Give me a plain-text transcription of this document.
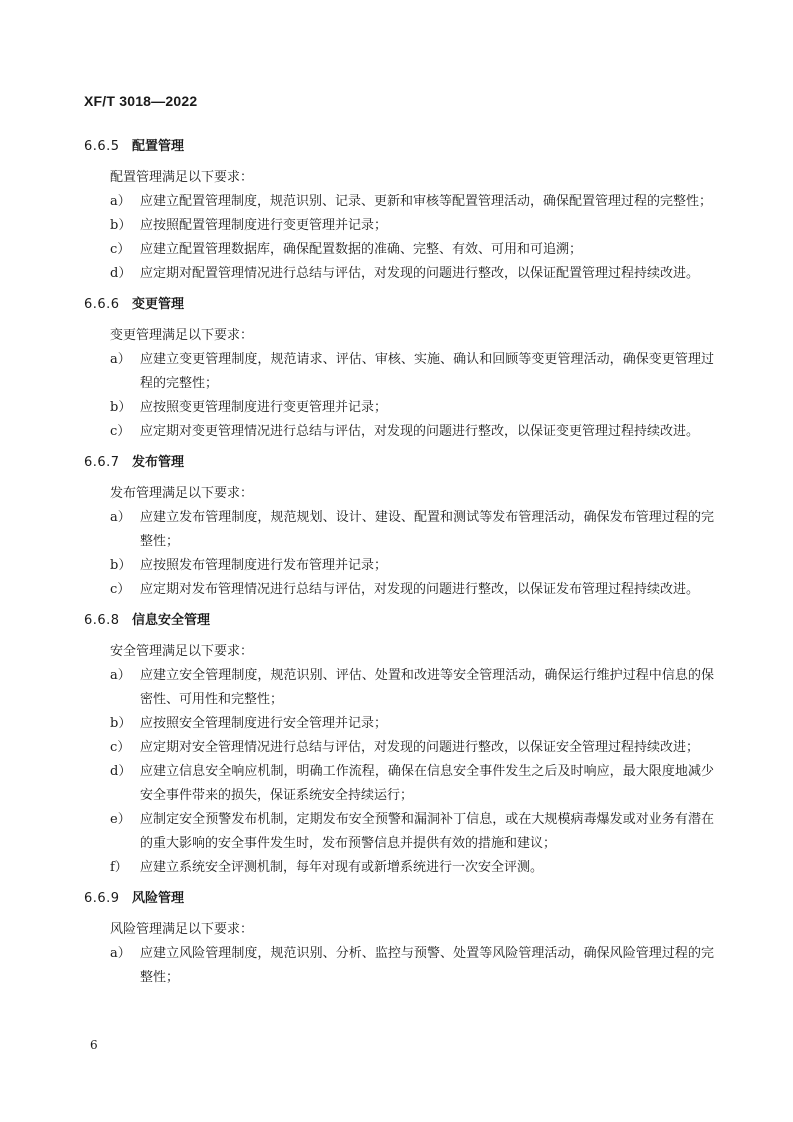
XF/T 3018—2022
6.6.5 配置管理
配置管理满足以下要求：
a） 应建立配置管理制度，规范识别、记录、更新和审核等配置管理活动，确保配置管理过程的完整性；
b） 应按照配置管理制度进行变更管理并记录；
c） 应建立配置管理数据库，确保配置数据的准确、完整、有效、可用和可追溯；
d） 应定期对配置管理情况进行总结与评估，对发现的问题进行整改，以保证配置管理过程持续改进。
6.6.6 变更管理
变更管理满足以下要求：
a） 应建立变更管理制度，规范请求、评估、审核、实施、确认和回顾等变更管理活动，确保变更管理过程的完整性；
b） 应按照变更管理制度进行变更管理并记录；
c） 应定期对变更管理情况进行总结与评估，对发现的问题进行整改，以保证变更管理过程持续改进。
6.6.7 发布管理
发布管理满足以下要求：
a） 应建立发布管理制度，规范规划、设计、建设、配置和测试等发布管理活动，确保发布管理过程的完整性；
b） 应按照发布管理制度进行发布管理并记录；
c） 应定期对发布管理情况进行总结与评估，对发现的问题进行整改，以保证发布管理过程持续改进。
6.6.8 信息安全管理
安全管理满足以下要求：
a） 应建立安全管理制度，规范识别、评估、处置和改进等安全管理活动，确保运行维护过程中信息的保密性、可用性和完整性；
b） 应按照安全管理制度进行安全管理并记录；
c） 应定期对安全管理情况进行总结与评估，对发现的问题进行整改，以保证安全管理过程持续改进；
d） 应建立信息安全响应机制，明确工作流程，确保在信息安全事件发生之后及时响应，最大限度地减少安全事件带来的损失，保证系统安全持续运行；
e） 应制定安全预警发布机制，定期发布安全预警和漏洞补丁信息，或在大规模病毒爆发或对业务有潜在的重大影响的安全事件发生时，发布预警信息并提供有效的措施和建议；
f） 应建立系统安全评测机制，每年对现有或新增系统进行一次安全评测。
6.6.9 风险管理
风险管理满足以下要求：
a） 应建立风险管理制度，规范识别、分析、监控与预警、处置等风险管理活动，确保风险管理过程的完整性；
6
